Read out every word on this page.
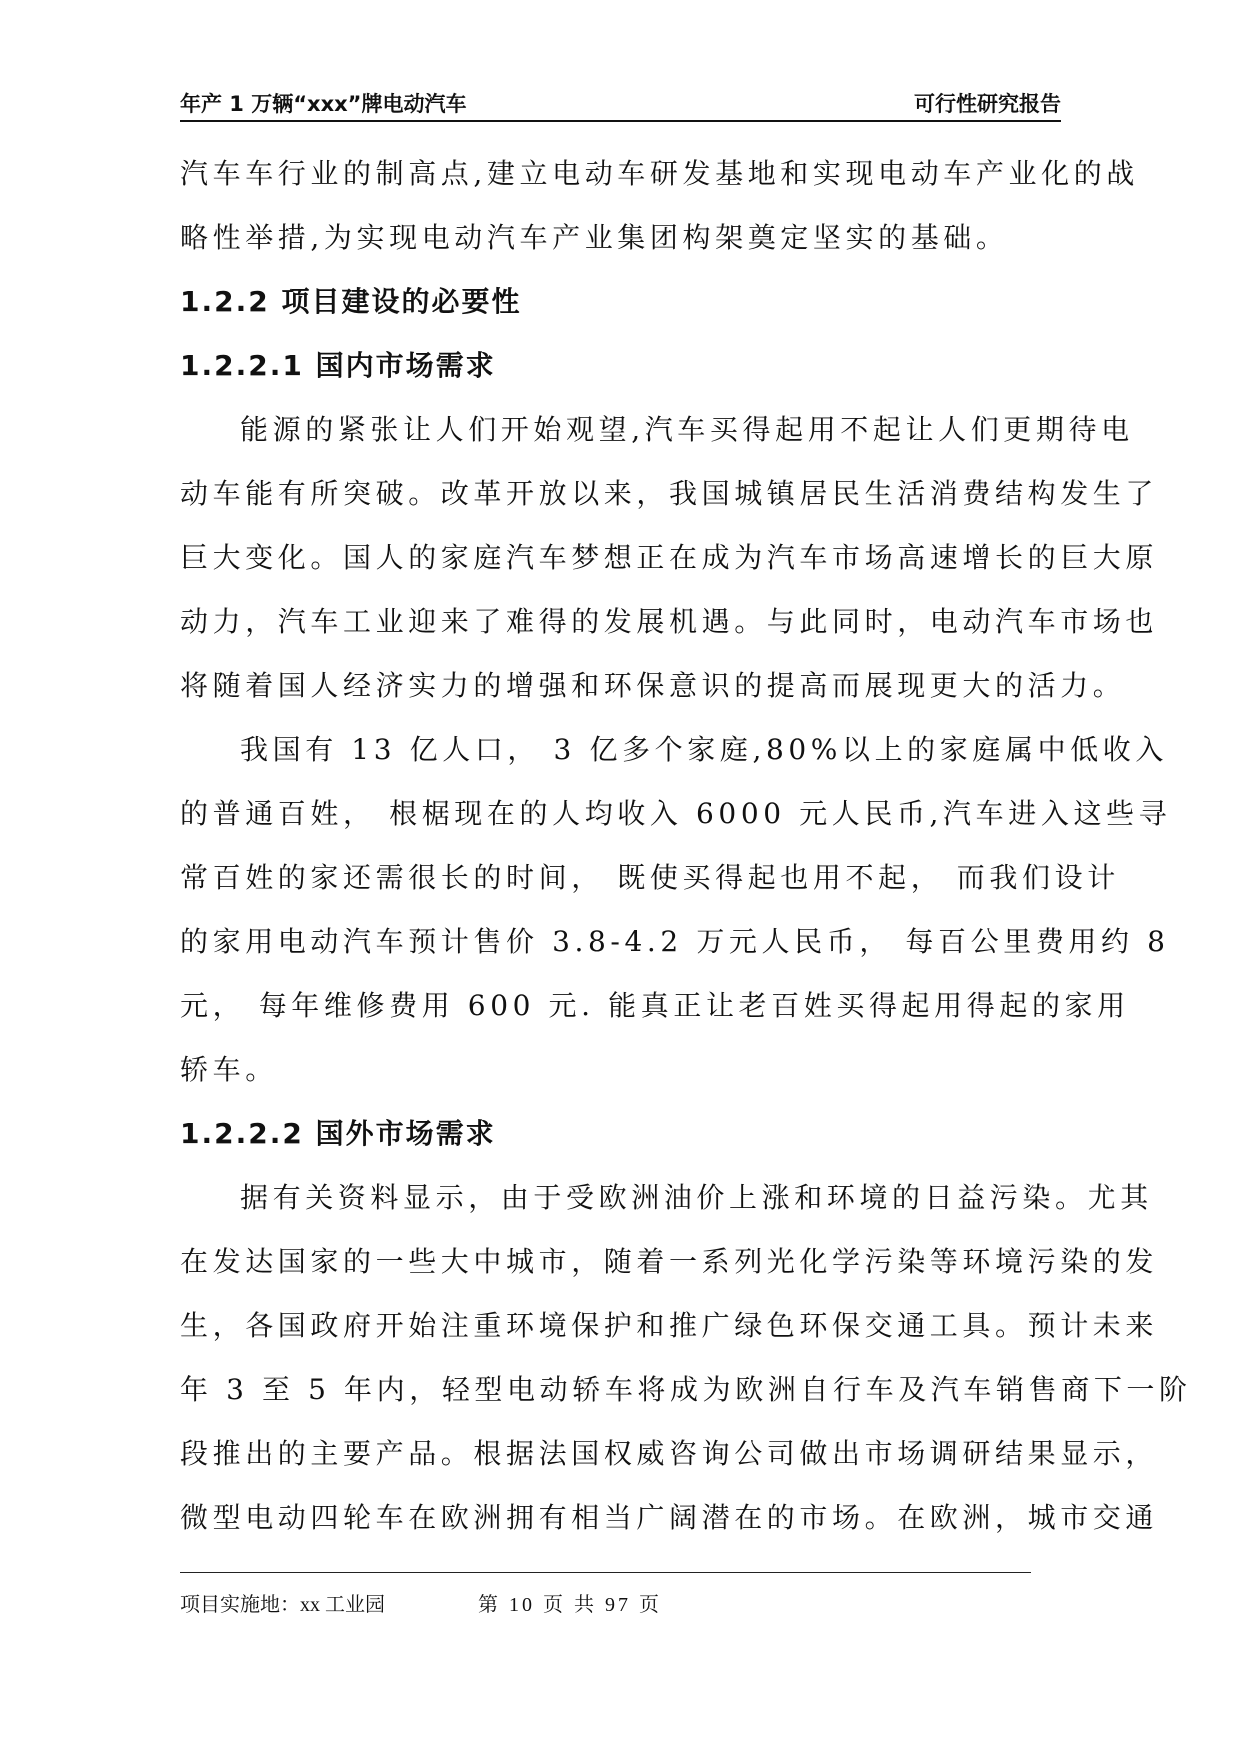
年产 1 万辆“xxx”牌电动汽车	可行性研究报告
汽车车行业的制高点,建立电动车研发基地和实现电动车产业化的战
略性举措,为实现电动汽车产业集团构架奠定坚实的基础。
1.2.2 项目建设的必要性
1.2.2.1 国内市场需求
能源的紧张让人们开始观望,汽车买得起用不起让人们更期待电
动车能有所突破。改革开放以来，我国城镇居民生活消费结构发生了
巨大变化。国人的家庭汽车梦想正在成为汽车市场高速增长的巨大原
动力，汽车工业迎来了难得的发展机遇。与此同时，电动汽车市场也
将随着国人经济实力的增强和环保意识的提高而展现更大的活力。
我国有 13 亿人口， 3 亿多个家庭,80%以上的家庭属中低收入
的普通百姓， 根椐现在的人均收入 6000 元人民币,汽车进入这些寻
常百姓的家还需很长的时间， 既使买得起也用不起， 而我们设计
的家用电动汽车预计售价 3.8-4.2 万元人民币， 每百公里费用约 8
元， 每年维修费用 600 元. 能真正让老百姓买得起用得起的家用
轿车。
1.2.2.2 国外市场需求
据有关资料显示，由于受欧洲油价上涨和环境的日益污染。尤其
在发达国家的一些大中城市，随着一系列光化学污染等环境污染的发
生，各国政府开始注重环境保护和推广绿色环保交通工具。预计未来
年 3 至 5 年内，轻型电动轿车将成为欧洲自行车及汽车销售商下一阶
段推出的主要产品。根据法国权威咨询公司做出市场调研结果显示，
微型电动四轮车在欧洲拥有相当广阔潜在的市场。在欧洲，城市交通
项目实施地：xx 工业园	第 10 页 共 97 页
